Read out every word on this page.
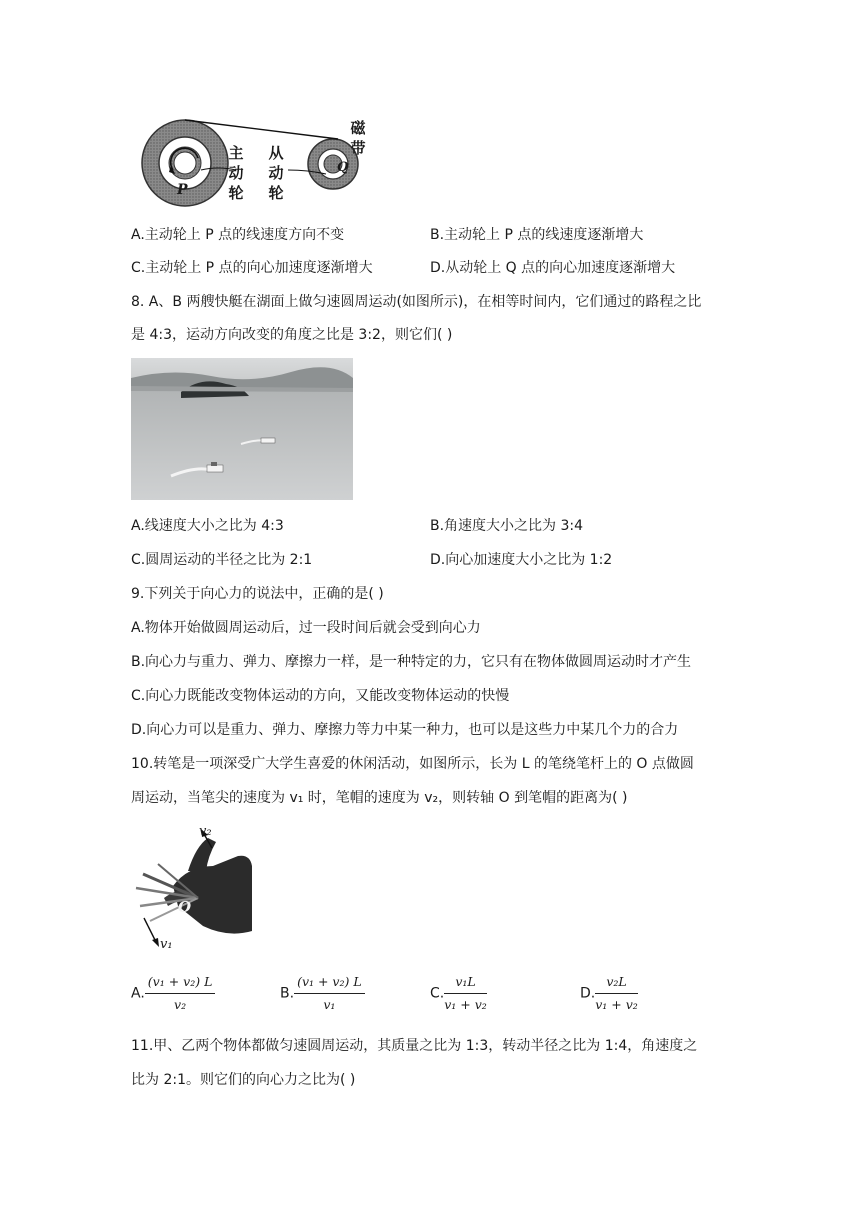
主
动
轮
从
动
轮
磁
带
P
Q
A.主动轮上 P 点的线速度方向不变	B.主动轮上 P 点的线速度逐渐增大
C.主动轮上 P 点的向心加速度逐渐增大	D.从动轮上 Q 点的向心加速度逐渐增大
8. A、B 两艘快艇在湖面上做匀速圆周运动(如图所示)，在相等时间内，它们通过的路程之比
是 4:3，运动方向改变的角度之比是 3:2，则它们( )
A.线速度大小之比为 4:3	B.角速度大小之比为 3:4
C.圆周运动的半径之比为 2:1	D.向心加速度大小之比为 1:2
9.下列关于向心力的说法中，正确的是( )
A.物体开始做圆周运动后，过一段时间后就会受到向心力
B.向心力与重力、弹力、摩擦力一样，是一种特定的力，它只有在物体做圆周运动时才产生
C.向心力既能改变物体运动的方向，又能改变物体运动的快慢
D.向心力可以是重力、弹力、摩擦力等力中某一种力，也可以是这些力中某几个力的合力
10.转笔是一项深受广大学生喜爱的休闲活动，如图所示，长为 L 的笔绕笔杆上的 O 点做圆
周运动，当笔尖的速度为 v₁ 时，笔帽的速度为 v₂，则转轴 O 到笔帽的距离为( )
v₂
O
v₁
A. $\frac{\text{(v₁ + v₂) L}}{\text{v₂}}$	B. $\frac{\text{(v₁ + v₂) L}}{\text{v₁}}$	C. $\frac{\text{v₁L}}{\text{v₁ + v₂}}$	D. $\frac{\text{v₂L}}{\text{v₁ + v₂}}$
11.甲、乙两个物体都做匀速圆周运动，其质量之比为 1:3，转动半径之比为 1:4，角速度之
比为 2:1。则它们的向心力之比为( )
